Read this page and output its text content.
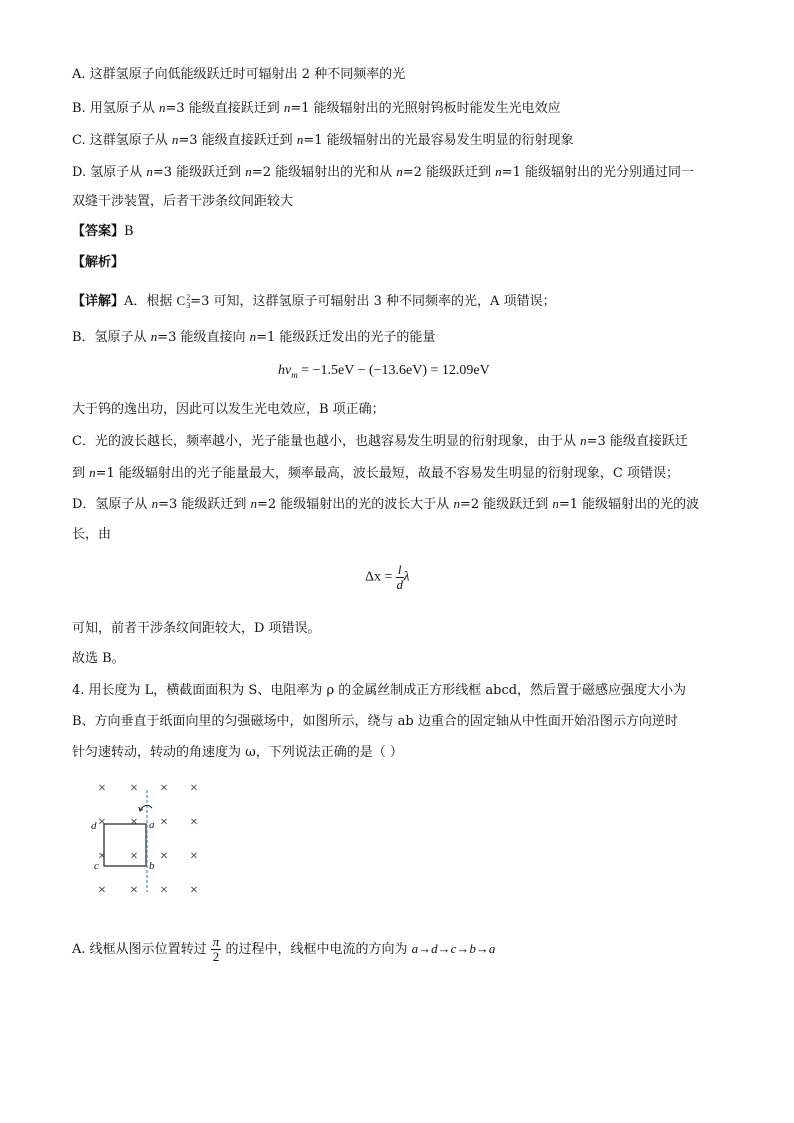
A. 这群氢原子向低能级跃迁时可辐射出 2 种不同频率的光
B. 用氢原子从 n=3 能级直接跃迁到 n=1 能级辐射出的光照射钨板时能发生光电效应
C. 这群氢原子从 n=3 能级直接跃迁到 n=1 能级辐射出的光最容易发生明显的衍射现象
D. 氢原子从 n=3 能级跃迁到 n=2 能级辐射出的光和从 n=2 能级跃迁到 n=1 能级辐射出的光分别通过同一
双缝干涉装置，后者干涉条纹间距较大
【答案】B
【解析】
【详解】A．根据 C 2
3 =3 可知，这群氢原子可辐射出 3 种不同频率的光，A 项错误；
B．氢原子从 n=3 能级直接向 n=1 能级跃迁发出的光子的能量
$h\nu_m = -1.5eV - (-13.6eV) = 12.09eV$
大于钨的逸出功，因此可以发生光电效应，B 项正确；
C．光的波长越长，频率越小，光子能量也越小，也越容易发生明显的衍射现象，由于从 n=3 能级直接跃迁
到 n=1 能级辐射出的光子能量最大，频率最高，波长最短，故最不容易发生明显的衍射现象，C 项错误；
D．氢原子从 n=3 能级跃迁到 n=2 能级辐射出的光的波长大于从 n=2 能级跃迁到 n=1 能级辐射出的光的波
长，由
$\Delta x = \frac{l}{d}$ λ
可知，前者干涉条纹间距较大，D 项错误。
故选 B。
4. 用长度为 L，横截面面积为 S、电阻率为 ρ 的金属丝制成正方形线框 abcd，然后置于磁感应强度大小为
B、方向垂直于纸面向里的匀强磁场中，如图所示，绕与 ab 边重合的固定轴从中性面开始沿图示方向逆时
针匀速转动，转动的角速度为 ω，下列说法正确的是（ ）
× × × ×
× × × ×
× × × ×
× × × ×
a
b
c
d
A. 线框从图示位置转过 $\frac{\pi}{2}$ 的过程中，线框中电流的方向为 a→d→c→b→a
